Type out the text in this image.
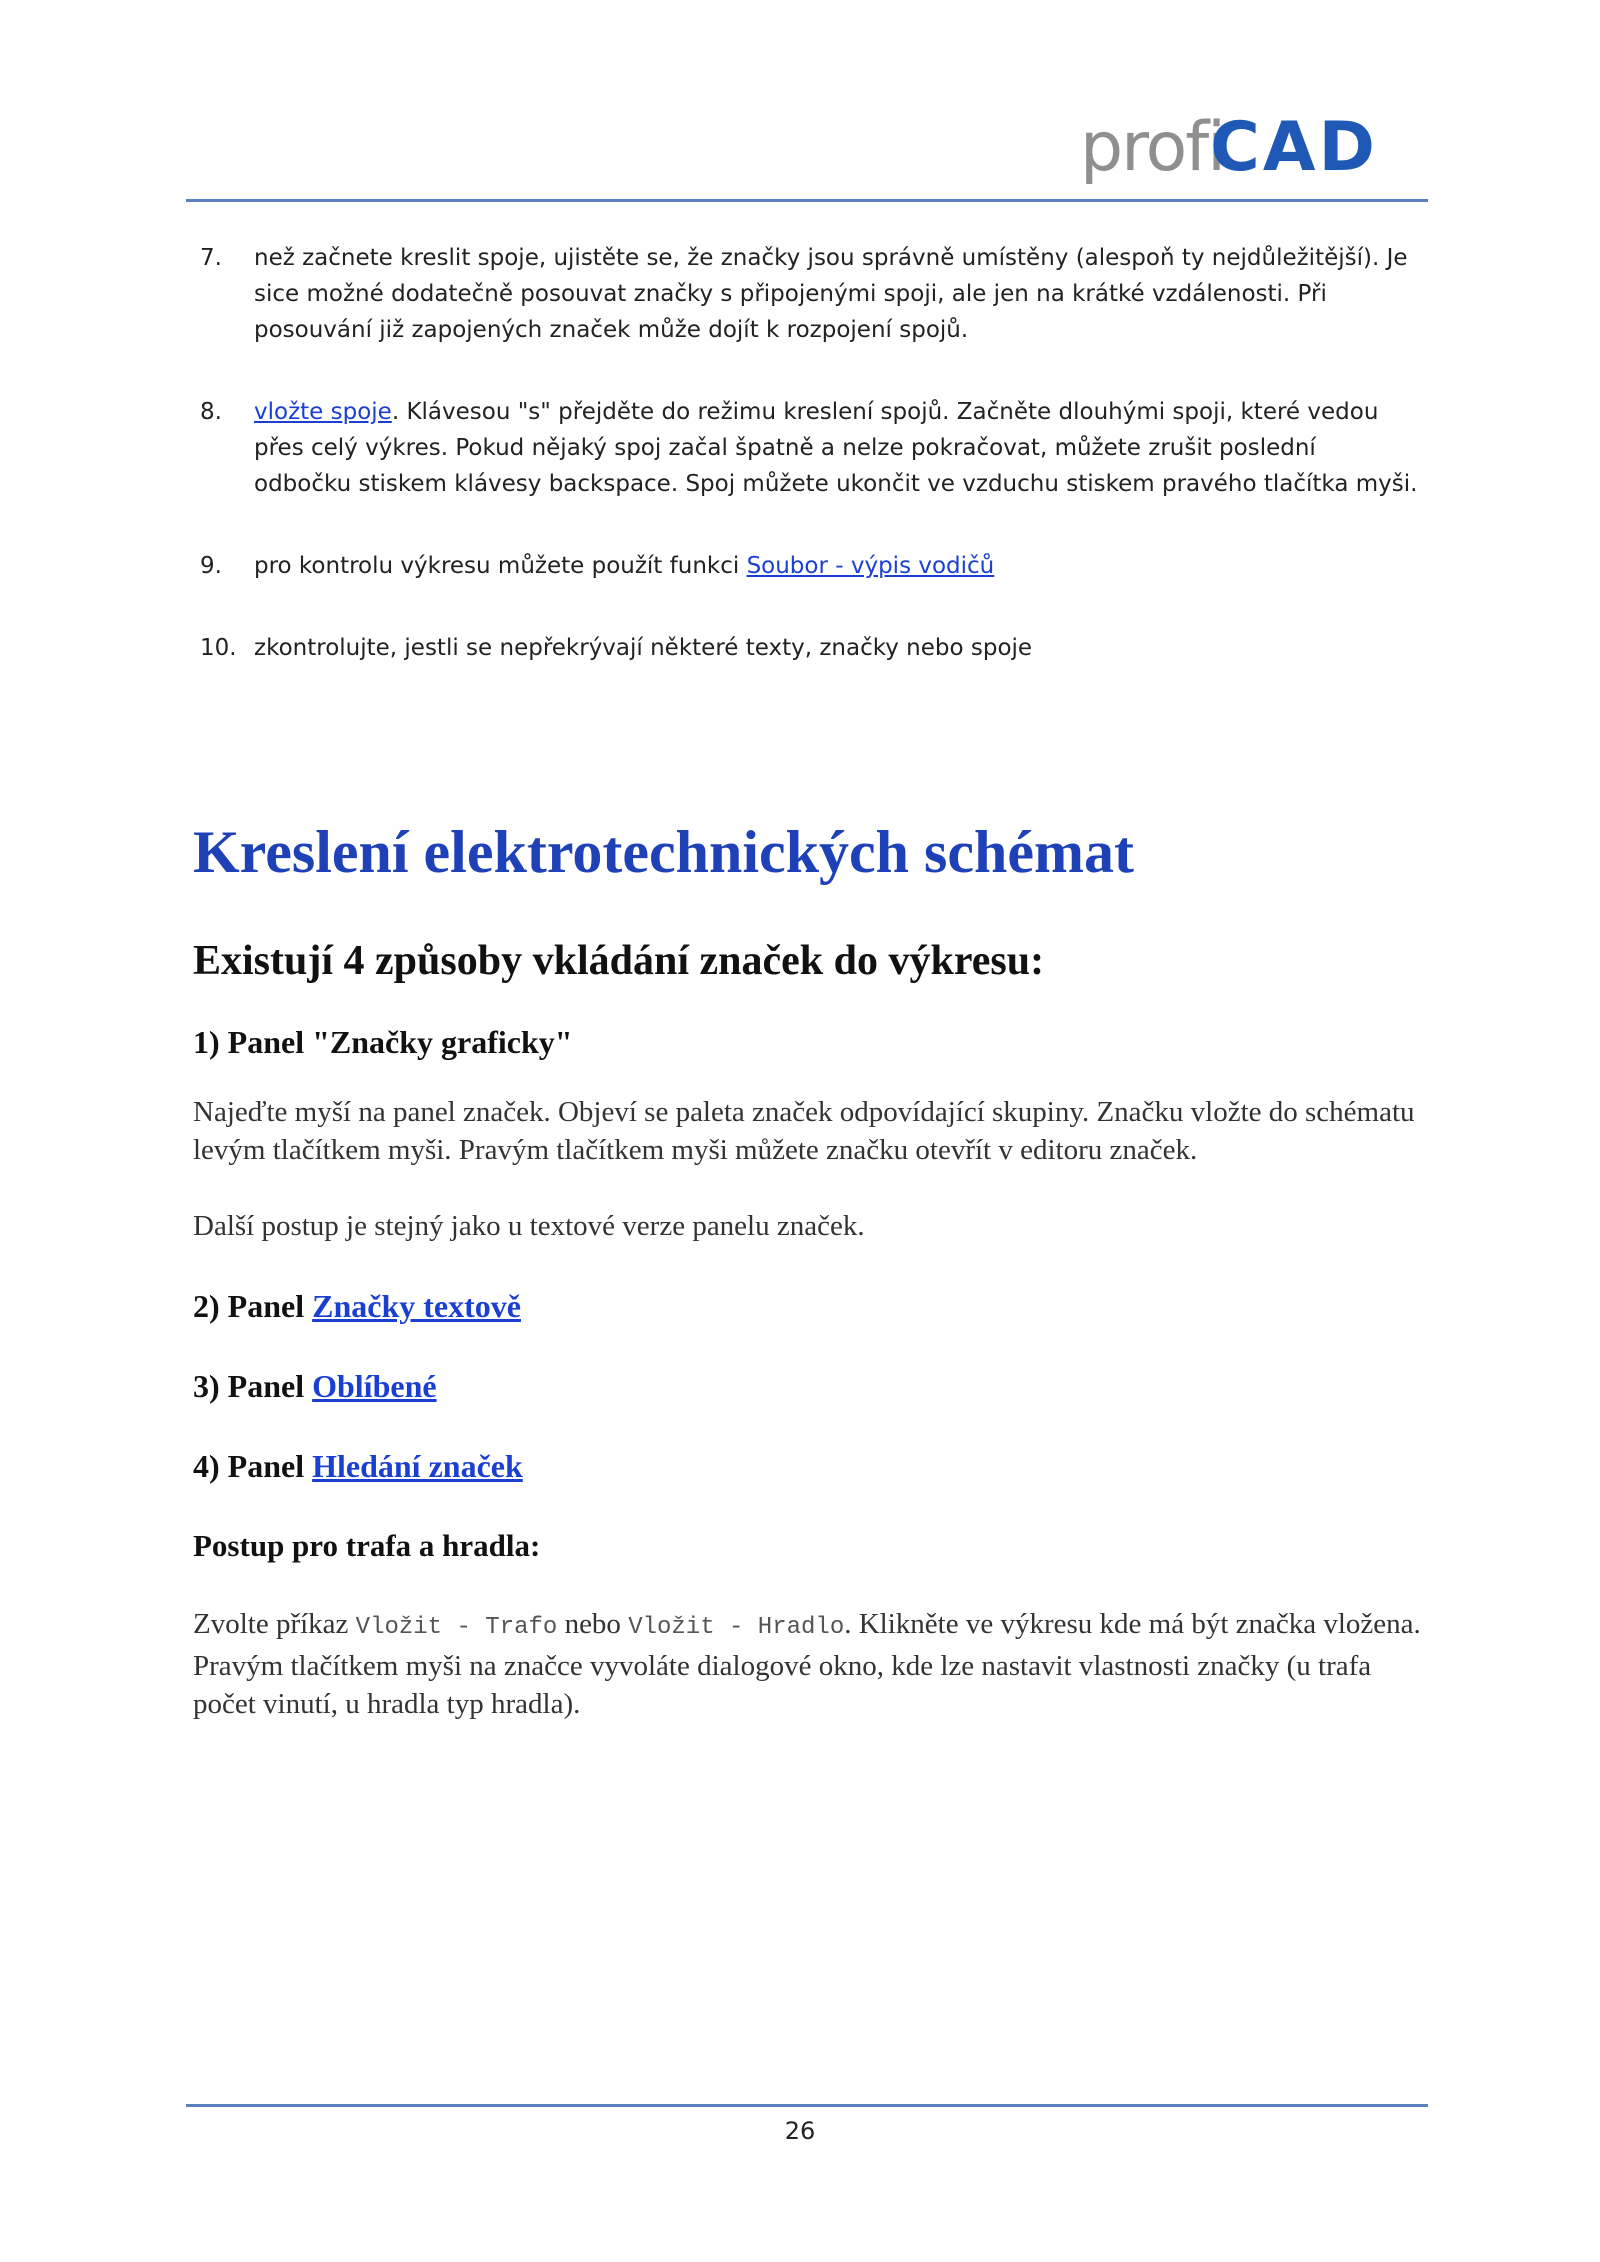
profi
CAD
7. než začnete kreslit spoje, ujistěte se, že značky jsou správně umístěny (alespoň ty nejdůležitější). Je sice možné dodatečně posouvat značky s připojenými spoji, ale jen na krátké vzdálenosti. Při posouvání již zapojených značek může dojít k rozpojení spojů.
8. vložte spoje. Klávesou "s" přejděte do režimu kreslení spojů. Začněte dlouhými spoji, které vedou přes celý výkres. Pokud nějaký spoj začal špatně a nelze pokračovat, můžete zrušit poslední odbočku stiskem klávesy backspace. Spoj můžete ukončit ve vzduchu stiskem pravého tlačítka myši.
9. pro kontrolu výkresu můžete použít funkci Soubor - výpis vodičů
10. zkontrolujte, jestli se nepřekrývají některé texty, značky nebo spoje
Kreslení elektrotechnických schémat
Existují 4 způsoby vkládání značek do výkresu:
1) Panel "Značky graficky"

Najeďte myší na panel značek. Objeví se paleta značek odpovídající skupiny. Značku vložte do schématu levým tlačítkem myši. Pravým tlačítkem myši můžete značku otevřít v editoru značek.

Další postup je stejný jako u textové verze panelu značek.

2) Panel Značky textově
3) Panel Oblíbené
4) Panel Hledání značek
Postup pro trafa a hradla:

Zvolte příkaz Vložit - Trafo nebo Vložit - Hradlo. Klikněte ve výkresu kde má být značka vložena. Pravým tlačítkem myši na značce vyvoláte dialogové okno, kde lze nastavit vlastnosti značky (u trafa počet vinutí, u hradla typ hradla).

26
